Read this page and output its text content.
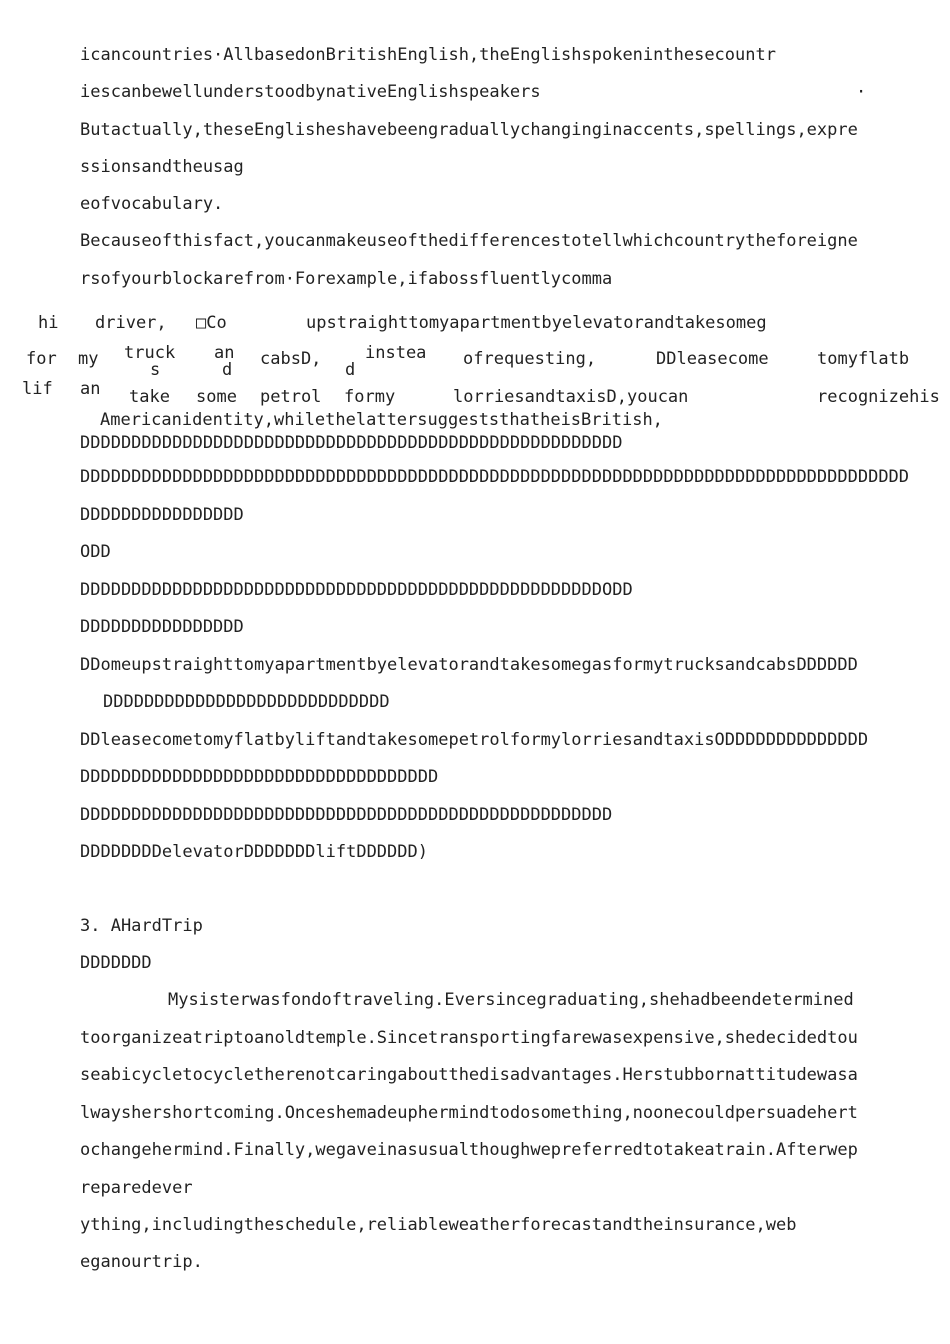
icancountries·AllbasedonBritishEnglish,theEnglishspokeninthesecountr
iescanbewellunderstoodbynativeEnglishspeakers	·
Butactually,theseEnglisheshavebeengraduallychanginginaccents,spellings,expre
ssionsandtheusag
eofvocabulary.
Becauseofthisfact,youcanmakeuseofthedifferencestotellwhichcountrytheforeigne
rsofyourblockarefrom·Forexample,ifabossfluentlycomma
hi driver, □Co	upstraighttomyapartmentbyelevatorandtakesomeg
for my truck an cabsD,	instea ofrequesting,	DDleasecome	tomyflatb
s	d	d
lif an take some petrol formy	lorriesandtaxisD,youcan	recognizehis
Americanidentity,whilethelattersuggeststhatheisBritish,
DDDDDDDDDDDDDDDDDDDDDDDDDDDDDDDDDDDDDDDDDDDDDDDDDDDDD
DDDDDDDDDDDDDDDDDDDDDDDDDDDDDDDDDDDDDDDDDDDDDDDDDDDDDDDDDDDDDDDDDDDDDDDDDDDDDDDDD
DDDDDDDDDDDDDDDD
ODD
DDDDDDDDDDDDDDDDDDDDDDDDDDDDDDDDDDDDDDDDDDDDDDDDDDDODD
DDDDDDDDDDDDDDDD
DDomeupstraighttomyapartmentbyelevatorandtakesomegasformytrucksandcabsDDDDDD
DDDDDDDDDDDDDDDDDDDDDDDDDDDD
DDleasecometomyflatbyliftandtakesomepetrolformylorriesandtaxisODDDDDDDDDDDDDD
DDDDDDDDDDDDDDDDDDDDDDDDDDDDDDDDDDD
DDDDDDDDDDDDDDDDDDDDDDDDDDDDDDDDDDDDDDDDDDDDDDDDDDDD
DDDDDDDDelevatorDDDDDDDliftDDDDDD)
3. AHardTrip
DDDDDDD
Mysisterwasfondoftraveling.Eversincegraduating,shehadbeendetermined
toorganizeatriptoanoldtemple.Sincetransportingfarewasexpensive,shedecidedtou
seabicycletocycletherenotcaringaboutthedisadvantages.Herstubbornattitudewasa
lwayshershortcoming.Onceshemadeuphermindtodosomething,noonecouldpersuadehert
ochangehermind.Finally,wegaveinasusualthoughwepreferredtotakeatrain.Afterwep
reparedever
ything,includingtheschedule,reliableweatherforecastandtheinsurance,web
eganourtrip.
